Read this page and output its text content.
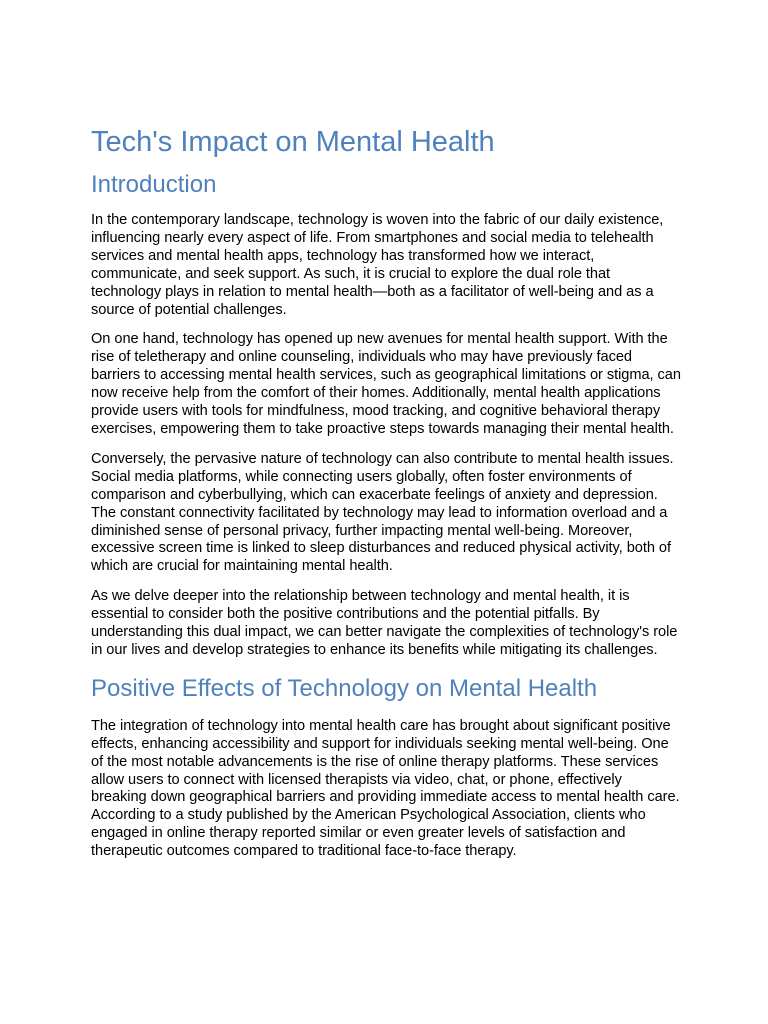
Tech's Impact on Mental Health
Introduction

In the contemporary landscape, technology is woven into the fabric of our daily existence, influencing nearly every aspect of life. From smartphones and social media to telehealth services and mental health apps, technology has transformed how we interact, communicate, and seek support. As such, it is crucial to explore the dual role that technology plays in relation to mental health—both as a facilitator of well-being and as a source of potential challenges.

On one hand, technology has opened up new avenues for mental health support. With the rise of teletherapy and online counseling, individuals who may have previously faced barriers to accessing mental health services, such as geographical limitations or stigma, can now receive help from the comfort of their homes. Additionally, mental health applications provide users with tools for mindfulness, mood tracking, and cognitive behavioral therapy exercises, empowering them to take proactive steps towards managing their mental health.

Conversely, the pervasive nature of technology can also contribute to mental health issues. Social media platforms, while connecting users globally, often foster environments of comparison and cyberbullying, which can exacerbate feelings of anxiety and depression. The constant connectivity facilitated by technology may lead to information overload and a diminished sense of personal privacy, further impacting mental well-being. Moreover, excessive screen time is linked to sleep disturbances and reduced physical activity, both of which are crucial for maintaining mental health.

As we delve deeper into the relationship between technology and mental health, it is essential to consider both the positive contributions and the potential pitfalls. By understanding this dual impact, we can better navigate the complexities of technology's role in our lives and develop strategies to enhance its benefits while mitigating its challenges.

Positive Effects of Technology on Mental Health

The integration of technology into mental health care has brought about significant positive effects, enhancing accessibility and support for individuals seeking mental well-being. One of the most notable advancements is the rise of online therapy platforms. These services allow users to connect with licensed therapists via video, chat, or phone, effectively breaking down geographical barriers and providing immediate access to mental health care. According to a study published by the American Psychological Association, clients who engaged in online therapy reported similar or even greater levels of satisfaction and therapeutic outcomes compared to traditional face-to-face therapy.
